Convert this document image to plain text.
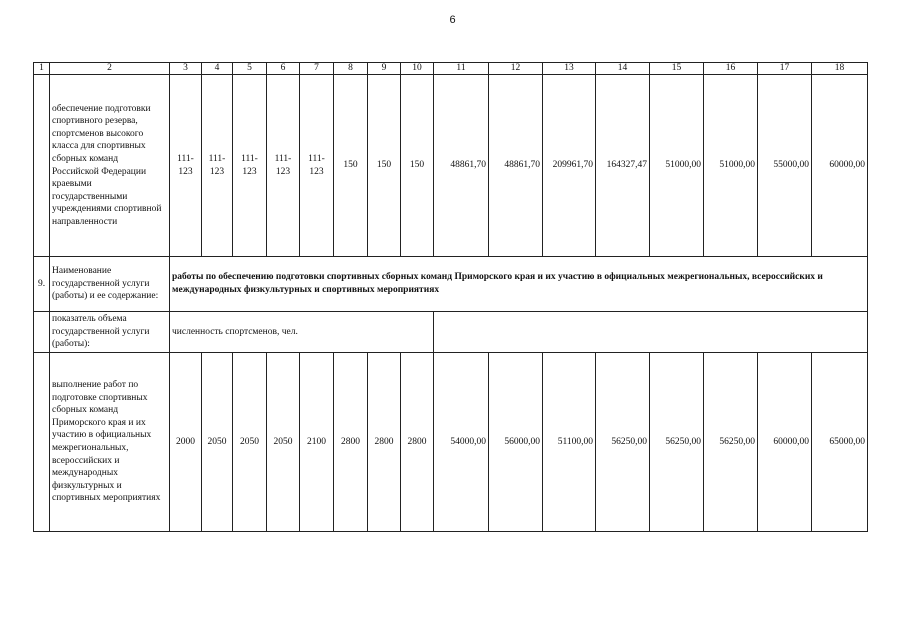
6
1	2	3	4	5	6	7	8	9	10	11	12	13	14	15	16	17	18
	обеспечение подготовки спортивного резерва, спортсменов высокого класса для спортивных сборных команд Российской Федерации краевыми государственными учреждениями спортивной направленности	111-123	111-123	111-123	111-123	111-123	150	150	150	48861,70	48861,70	209961,70	164327,47	51000,00	51000,00	55000,00	60000,00
9.	Наименование государственной услуги (работы) и ее содержание:	работы по обеспечению подготовки спортивных сборных команд Приморского края и их участию в официальных межрегиональных, всероссийских и международных физкультурных и спортивных мероприятиях															
	показатель объема государственной услуги (работы):	численность спортсменов, чел.															
	выполнение работ по подготовке спортивных сборных команд Приморского края и их участию в официальных межрегиональных, всероссийских и международных физкультурных и спортивных мероприятиях	2000	2050	2050	2050	2100	2800	2800	2800	54000,00	56000,00	51100,00	56250,00	56250,00	56250,00	60000,00	65000,00
